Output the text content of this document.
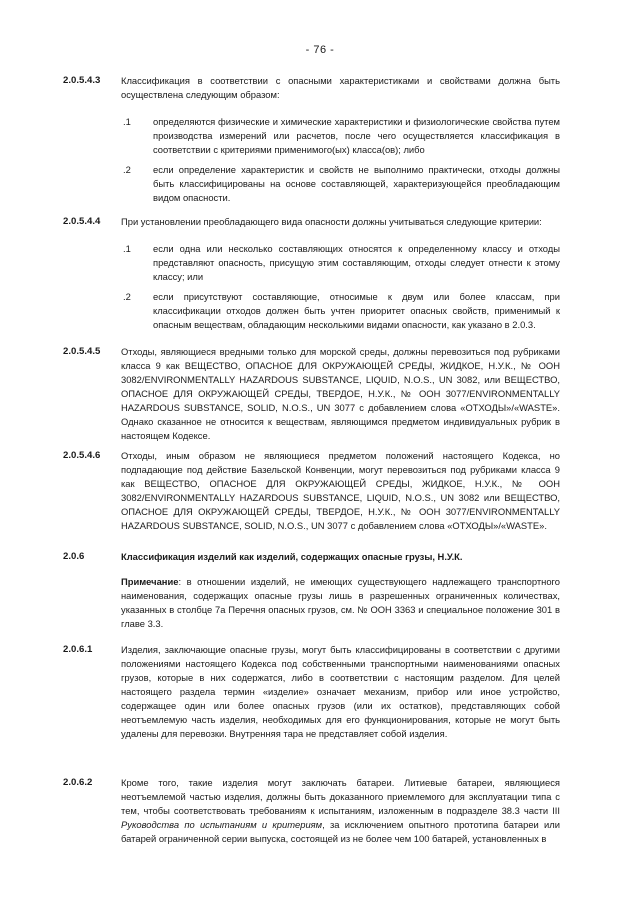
- 76 -
2.0.5.4.3	Классификация в соответствии с опасными характеристиками и свойствами должна быть осуществлена следующим образом:
.1	определяются физические и химические характеристики и физиологические свойства путем производства измерений или расчетов, после чего осуществляется классификация в соответствии с критериями применимого(ых) класса(ов); либо
.2	если определение характеристик и свойств не выполнимо практически, отходы должны быть классифицированы на основе составляющей, характеризующейся преобладающим видом опасности.
2.0.5.4.4	При установлении преобладающего вида опасности должны учитываться следующие критерии:
.1	если одна или несколько составляющих относятся к определенному классу и отходы представляют опасность, присущую этим составляющим, отходы следует отнести к этому классу; или
.2	если присутствуют составляющие, относимые к двум или более классам, при классификации отходов должен быть учтен приоритет опасных свойств, применимый к опасным веществам, обладающим несколькими видами опасности, как указано в 2.0.3.
2.0.5.4.5	Отходы, являющиеся вредными только для морской среды, должны перевозиться под рубриками класса 9 как ВЕЩЕСТВО, ОПАСНОЕ ДЛЯ ОКРУЖАЮЩЕЙ СРЕДЫ, ЖИДКОЕ, Н.У.К., № ООН 3082/ENVIRONMENTALLY HAZARDOUS SUBSTANCE, LIQUID, N.O.S., UN 3082, или ВЕЩЕСТВО, ОПАСНОЕ ДЛЯ ОКРУЖАЮЩЕЙ СРЕДЫ, ТВЕРДОЕ, Н.У.К., № ООН 3077/ENVIRONMENTALLY HAZARDOUS SUBSTANCE, SOLID, N.O.S., UN 3077 с добавлением слова «ОТХОДЫ»/«WASTE». Однако сказанное не относится к веществам, являющимся предметом индивидуальных рубрик в настоящем Кодексе.
2.0.5.4.6	Отходы, иным образом не являющиеся предметом положений настоящего Кодекса, но подпадающие под действие Базельской Конвенции, могут перевозиться под рубриками класса 9 как ВЕЩЕСТВО, ОПАСНОЕ ДЛЯ ОКРУЖАЮЩЕЙ СРЕДЫ, ЖИДКОЕ, Н.У.К., № ООН 3082/ENVIRONMENTALLY HAZARDOUS SUBSTANCE, LIQUID, N.O.S., UN 3082 или ВЕЩЕСТВО, ОПАСНОЕ ДЛЯ ОКРУЖАЮЩЕЙ СРЕДЫ, ТВЕРДОЕ, Н.У.К., № ООН 3077/ENVIRONMENTALLY HAZARDOUS SUBSTANCE, SOLID, N.O.S., UN 3077 с добавлением слова «ОТХОДЫ»/«WASTE».
2.0.6	Классификация изделий как изделий, содержащих опасные грузы, Н.У.К.
Примечание: в отношении изделий, не имеющих существующего надлежащего транспортного наименования, содержащих опасные грузы лишь в разрешенных ограниченных количествах, указанных в столбце 7а Перечня опасных грузов, см. № ООН 3363 и специальное положение 301 в главе 3.3.
2.0.6.1	Изделия, заключающие опасные грузы, могут быть классифицированы в соответствии с другими положениями настоящего Кодекса под собственными транспортными наименованиями опасных грузов, которые в них содержатся, либо в соответствии с настоящим разделом. Для целей настоящего раздела термин «изделие» означает механизм, прибор или иное устройство, содержащее один или более опасных грузов (или их остатков), представляющих собой неотъемлемую часть изделия, необходимых для его функционирования, которые не могут быть удалены для перевозки. Внутренняя тара не представляет собой изделия.
2.0.6.2	Кроме того, такие изделия могут заключать батареи. Литиевые батареи, являющиеся неотъемлемой частью изделия, должны быть доказанного приемлемого для эксплуатации типа с тем, чтобы соответствовать требованиям к испытаниям, изложенным в подразделе 38.3 части III Руководства по испытаниям и критериям, за исключением опытного прототипа батареи или батарей ограниченной серии выпуска, состоящей из не более чем 100 батарей, установленных в
